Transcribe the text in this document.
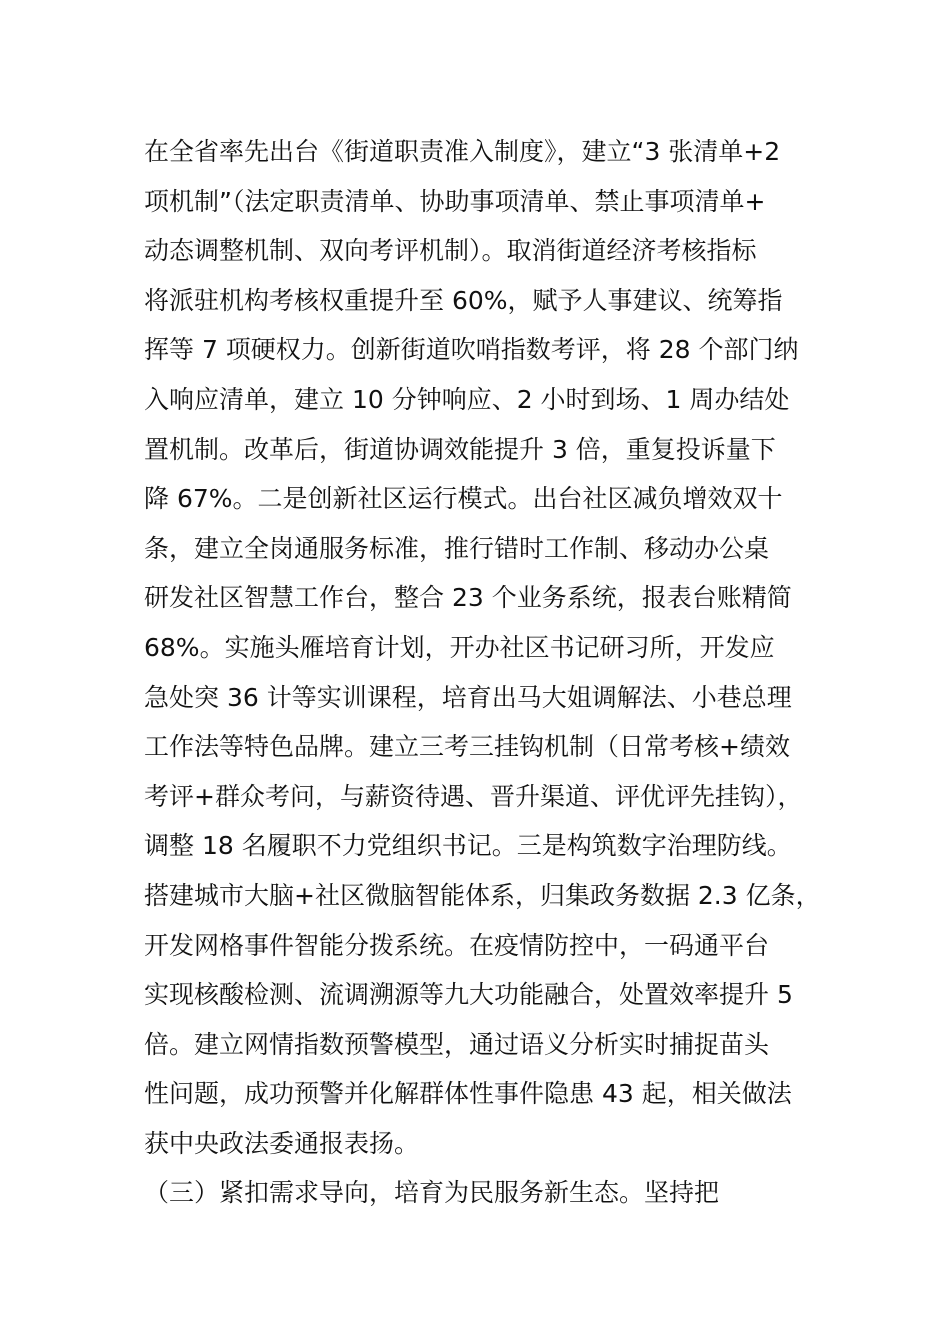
在全省率先出台《街道职责准入制度》，建立“3 张清单+2
项机制”（法定职责清单、协助事项清单、禁止事项清单+
动态调整机制、双向考评机制）。取消街道经济考核指标
将派驻机构考核权重提升至 60%，赋予人事建议、统筹指
挥等 7 项硬权力。创新街道吹哨指数考评，将 28 个部门纳
入响应清单，建立 10 分钟响应、2 小时到场、1 周办结处
置机制。改革后，街道协调效能提升 3 倍，重复投诉量下
降 67%。二是创新社区运行模式。出台社区减负增效双十
条，建立全岗通服务标准，推行错时工作制、移动办公桌
研发社区智慧工作台，整合 23 个业务系统，报表台账精简
68%。实施头雁培育计划，开办社区书记研习所，开发应
急处突 36 计等实训课程，培育出马大姐调解法、小巷总理
工作法等特色品牌。建立三考三挂钩机制（日常考核+绩效
考评+群众考问，与薪资待遇、晋升渠道、评优评先挂钩），
调整 18 名履职不力党组织书记。三是构筑数字治理防线。
搭建城市大脑+社区微脑智能体系，归集政务数据 2.3 亿条，
开发网格事件智能分拨系统。在疫情防控中，一码通平台
实现核酸检测、流调溯源等九大功能融合，处置效率提升 5
倍。建立网情指数预警模型，通过语义分析实时捕捉苗头
性问题，成功预警并化解群体性事件隐患 43 起，相关做法
获中央政法委通报表扬。
（三）紧扣需求导向，培育为民服务新生态。坚持把
